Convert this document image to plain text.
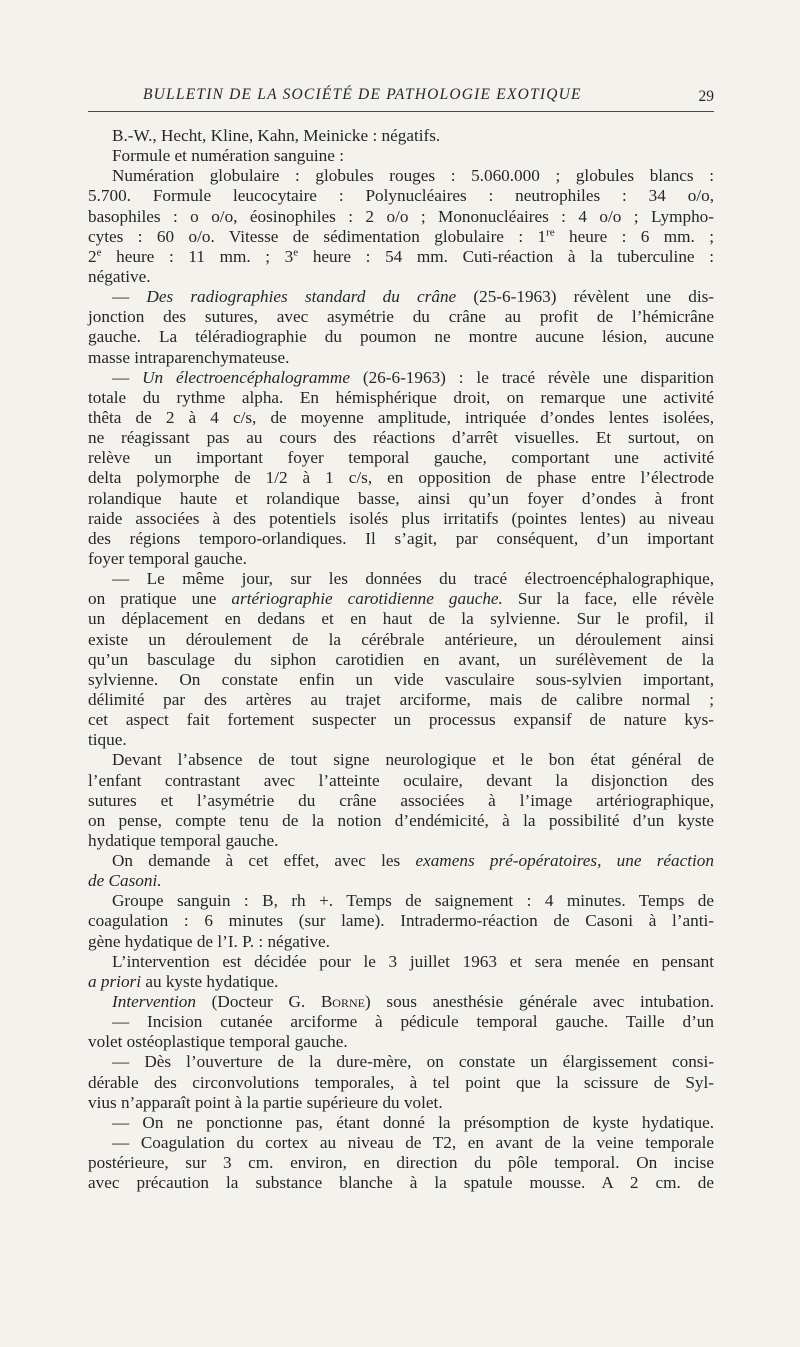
BULLETIN DE LA SOCIÉTÉ DE PATHOLOGIE EXOTIQUE	29
B.-W., Hecht, Kline, Kahn, Meinicke : négatifs.
Formule et numération sanguine :
Numération globulaire : globules rouges : 5.060.000 ; globules blancs :
5.700. Formule leucocytaire : Polynucléaires : neutrophiles : 34 o/o,
basophiles : o o/o, éosinophiles : 2 o/o ; Mononucléaires : 4 o/o ; Lympho-
cytes : 60 o/o. Vitesse de sédimentation globulaire : 1re heure : 6 mm. ;
2e heure : 11 mm. ; 3e heure : 54 mm. Cuti-réaction à la tuberculine :
négative.
— Des radiographies standard du crâne (25-6-1963) révèlent une dis-
jonction des sutures, avec asymétrie du crâne au profit de l’hémicrâne
gauche. La téléradiographie du poumon ne montre aucune lésion, aucune
masse intraparenchymateuse.
— Un électroencéphalogramme (26-6-1963) : le tracé révèle une disparition
totale du rythme alpha. En hémisphérique droit, on remarque une activité
thêta de 2 à 4 c/s, de moyenne amplitude, intriquée d’ondes lentes isolées,
ne réagissant pas au cours des réactions d’arrêt visuelles. Et surtout, on
relève un important foyer temporal gauche, comportant une activité
delta polymorphe de 1/2 à 1 c/s, en opposition de phase entre l’électrode
rolandique haute et rolandique basse, ainsi qu’un foyer d’ondes à front
raide associées à des potentiels isolés plus irritatifs (pointes lentes) au niveau
des régions temporo-orlandiques. Il s’agit, par conséquent, d’un important
foyer temporal gauche.
— Le même jour, sur les données du tracé électroencéphalographique,
on pratique une artériographie carotidienne gauche. Sur la face, elle révèle
un déplacement en dedans et en haut de la sylvienne. Sur le profil, il
existe un déroulement de la cérébrale antérieure, un déroulement ainsi
qu’un basculage du siphon carotidien en avant, un surélèvement de la
sylvienne. On constate enfin un vide vasculaire sous-sylvien important,
délimité par des artères au trajet arciforme, mais de calibre normal ;
cet aspect fait fortement suspecter un processus expansif de nature kys-
tique.
Devant l’absence de tout signe neurologique et le bon état général de
l’enfant contrastant avec l’atteinte oculaire, devant la disjonction des
sutures et l’asymétrie du crâne associées à l’image artériographique,
on pense, compte tenu de la notion d’endémicité, à la possibilité d’un kyste
hydatique temporal gauche.
On demande à cet effet, avec les examens pré-opératoires, une réaction
de Casoni.
Groupe sanguin : B, rh +. Temps de saignement : 4 minutes. Temps de
coagulation : 6 minutes (sur lame). Intradermo-réaction de Casoni à l’anti-
gène hydatique de l’I. P. : négative.
L’intervention est décidée pour le 3 juillet 1963 et sera menée en pensant
a priori au kyste hydatique.
Intervention (Docteur G. Borne) sous anesthésie générale avec intubation.
— Incision cutanée arciforme à pédicule temporal gauche. Taille d’un
volet ostéoplastique temporal gauche.
— Dès l’ouverture de la dure-mère, on constate un élargissement consi-
dérable des circonvolutions temporales, à tel point que la scissure de Syl-
vius n’apparaît point à la partie supérieure du volet.
— On ne ponctionne pas, étant donné la présomption de kyste hydatique.
— Coagulation du cortex au niveau de T2, en avant de la veine temporale
postérieure, sur 3 cm. environ, en direction du pôle temporal. On incise
avec précaution la substance blanche à la spatule mousse. A 2 cm. de
